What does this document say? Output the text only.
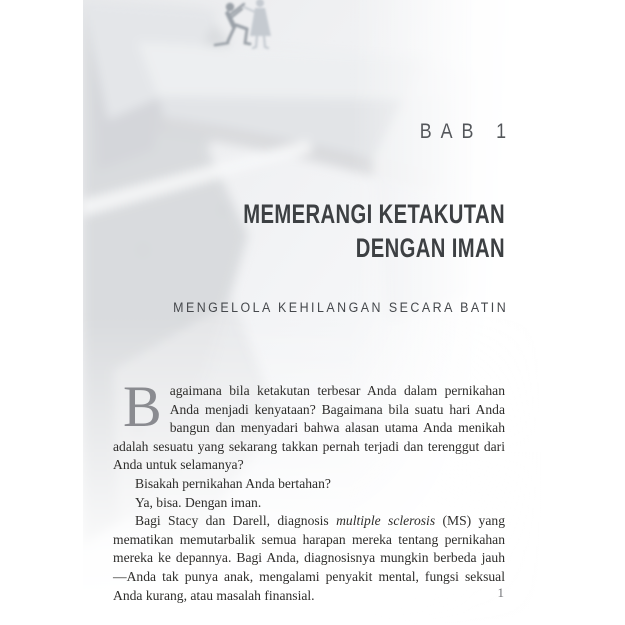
BAB 1
MEMERANGI KETAKUTAN
DENGAN IMAN
MENGELOLA KEHILANGAN SECARA BATIN

Bagaimana bila ketakutan terbesar Anda dalam pernikahan Anda menjadi kenyataan? Bagaimana bila suatu hari Anda bangun dan menyadari bahwa alasan utama Anda menikah adalah sesuatu yang sekarang takkan pernah terjadi dan terenggut dari Anda untuk selamanya?

Bisakah pernikahan Anda bertahan?

Ya, bisa. Dengan iman.

Bagi Stacy dan Darell, diagnosis multiple sclerosis (MS) yang mematikan memutarbalik semua harapan mereka tentang pernikahan mereka ke depannya. Bagi Anda, diagnosisnya mungkin berbeda jauh—Anda tak punya anak, mengalami penyakit mental, fungsi seksual Anda kurang, atau masalah finansial.	1
